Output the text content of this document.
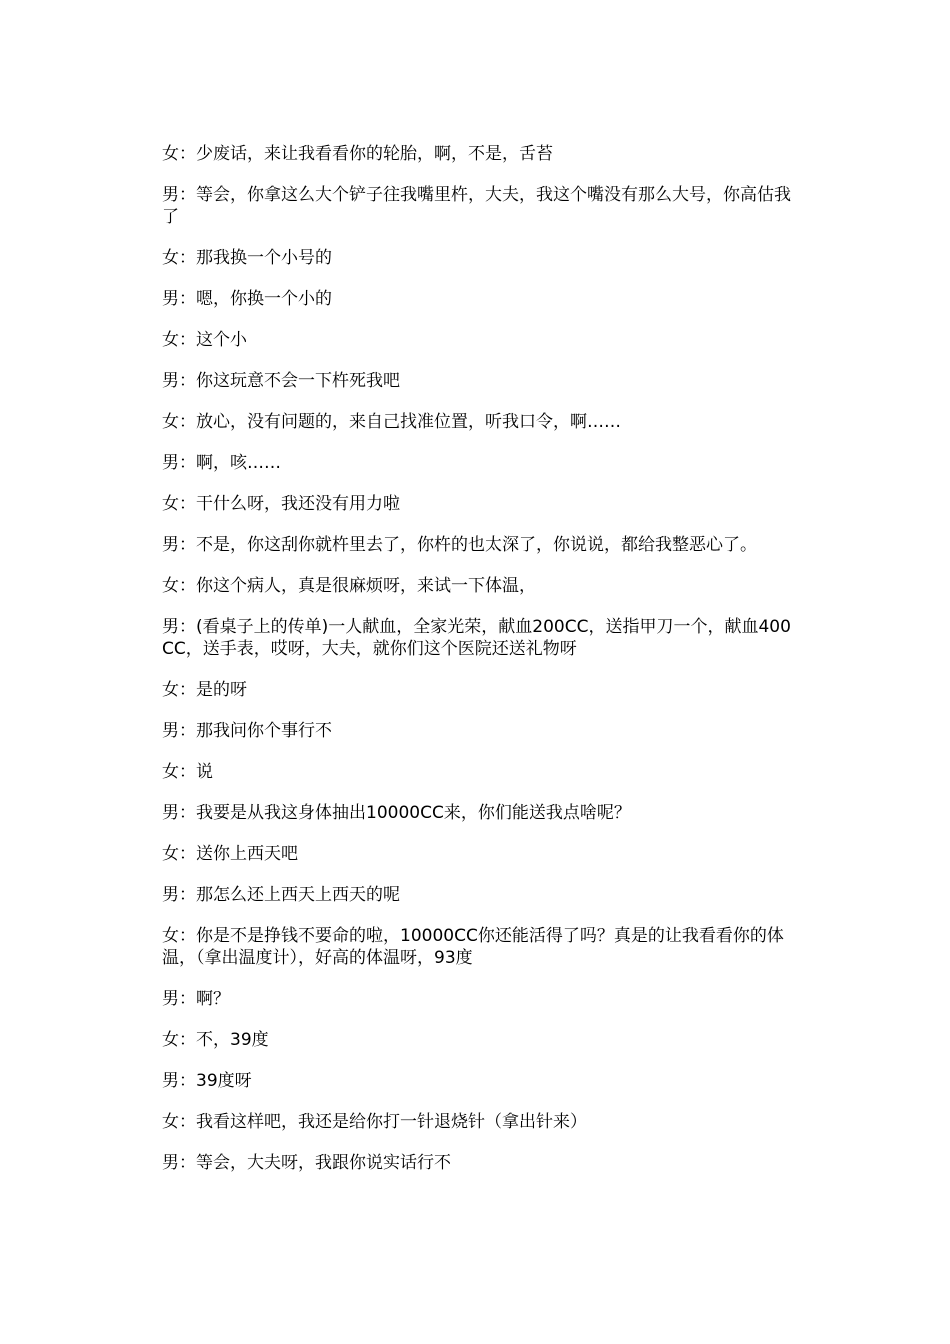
女：少废话，来让我看看你的轮胎，啊，不是，舌苔

男：等会，你拿这么大个铲子往我嘴里杵，大夫，我这个嘴没有那么大号，你高估我了

女：那我换一个小号的

男：嗯，你换一个小的

女：这个小

男：你这玩意不会一下杵死我吧

女：放心，没有问题的，来自己找准位置，听我口令，啊……

男：啊，咳……

女：干什么呀，我还没有用力啦

男：不是，你这刮你就杵里去了，你杵的也太深了，你说说，都给我整恶心了。

女：你这个病人，真是很麻烦呀，来试一下体温，

男：(看桌子上的传单)一人献血，全家光荣，献血200CC，送指甲刀一个，献血400CC，送手表，哎呀，大夫，就你们这个医院还送礼物呀

女：是的呀

男：那我问你个事行不

女：说

男：我要是从我这身体抽出10000CC来，你们能送我点啥呢？

女：送你上西天吧

男：那怎么还上西天上西天的呢

女：你是不是挣钱不要命的啦，10000CC你还能活得了吗？真是的让我看看你的体温，（拿出温度计），好高的体温呀，93度

男：啊？

女：不，39度

男：39度呀

女：我看这样吧，我还是给你打一针退烧针（拿出针来）

男：等会，大夫呀，我跟你说实话行不
